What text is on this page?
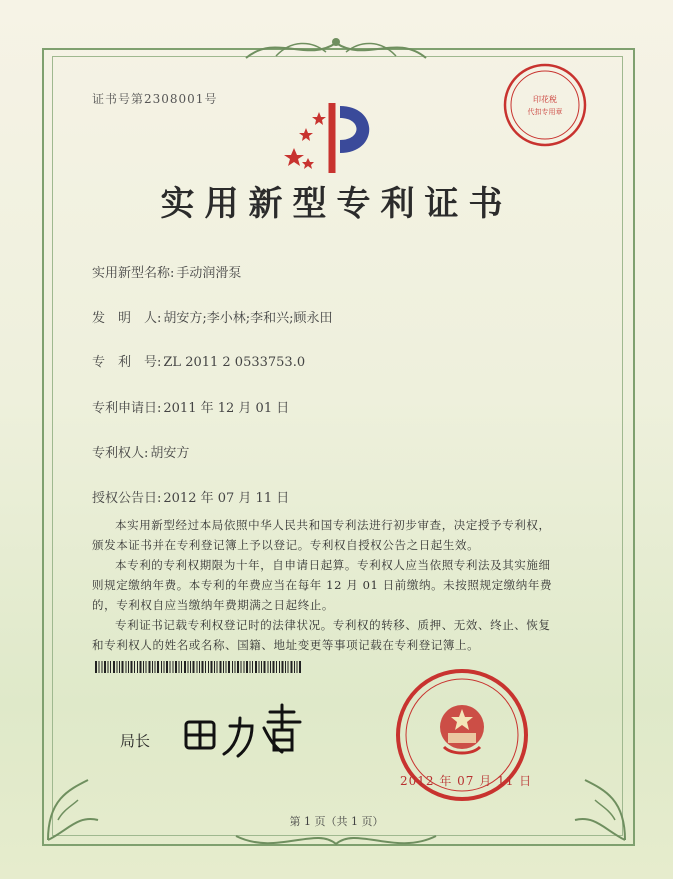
证书号第2308001号
实用新型专利证书
印花税
代扣专用章
实用新型名称: 手动润滑泵
发　明　人: 胡安方;李小林;李和兴;顾永田
专　利　号: ZL 2011 2 0533753.0
专利申请日: 2011 年 12 月 01 日
专利权人: 胡安方
授权公告日: 2012 年 07 月 11 日
本实用新型经过本局依照中华人民共和国专利法进行初步审查，决定授予专利权，颁发本证书并在专利登记簿上予以登记。专利权自授权公告之日起生效。
本专利的专利权期限为十年，自申请日起算。专利权人应当依照专利法及其实施细则规定缴纳年费。本专利的年费应当在每年 12 月 01 日前缴纳。未按照规定缴纳年费的，专利权自应当缴纳年费期满之日起终止。
专利证书记载专利权登记时的法律状况。专利权的转移、质押、无效、终止、恢复和专利权人的姓名或名称、国籍、地址变更等事项记载在专利登记簿上。
局长
2012 年 07 月 11 日
第 1 页（共 1 页）
